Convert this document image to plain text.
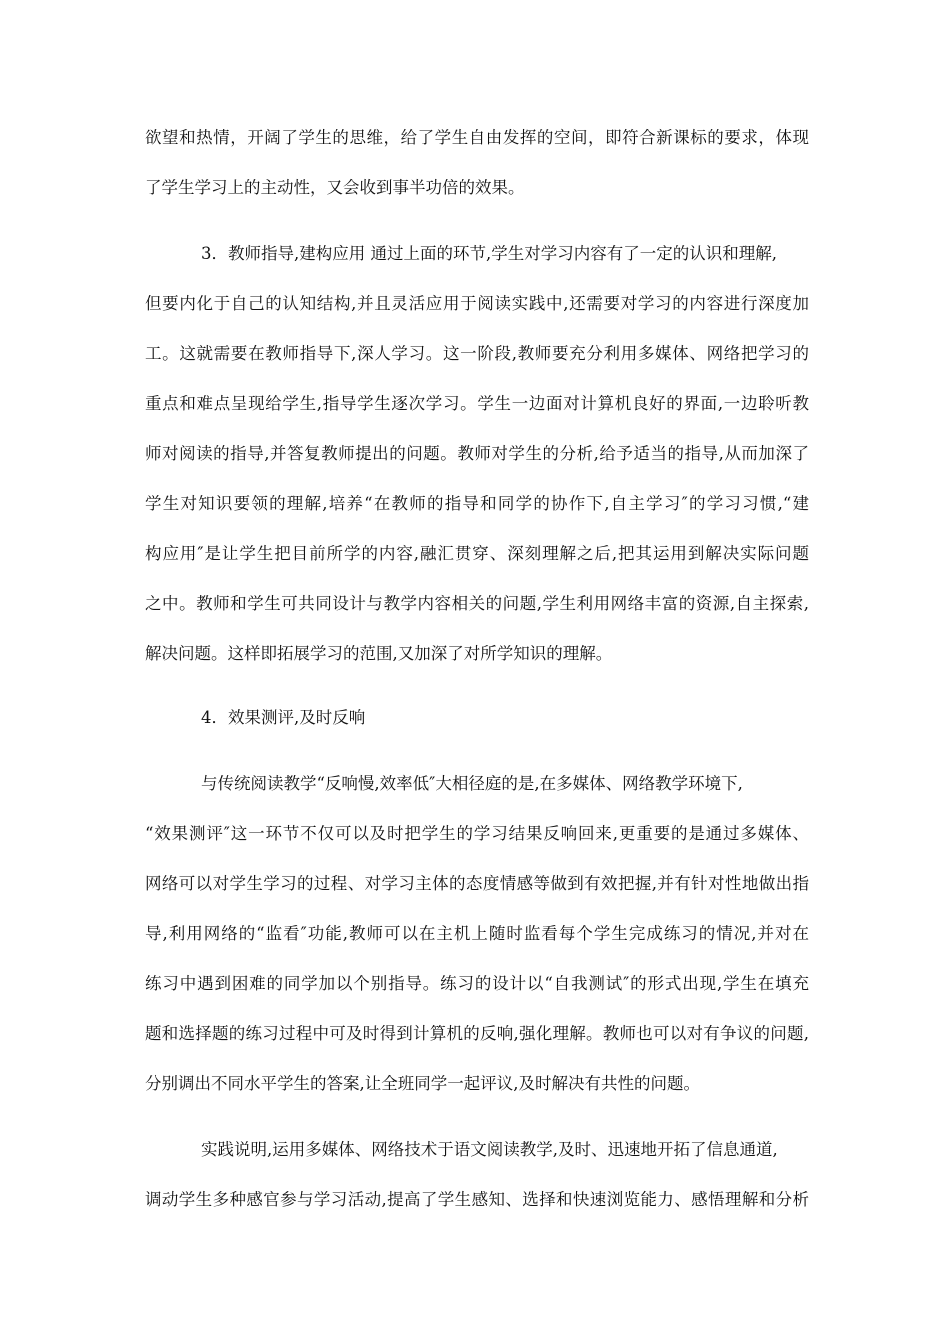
欲望和热情，开阔了学生的思维，给了学生自由发挥的空间，即符合新课标的要求，体现

了学生学习上的主动性，又会收到事半功倍的效果。

3．教师指导,建构应用 通过上面的环节,学生对学习内容有了一定的认识和理解,

但要内化于自己的认知结构,并且灵活应用于阅读实践中,还需要对学习的内容进行深度加

工。这就需要在教师指导下,深人学习。这一阶段,教师要充分利用多媒体、网络把学习的

重点和难点呈现给学生,指导学生逐次学习。学生一边面对计算机良好的界面,一边聆听教

师对阅读的指导,并答复教师提出的问题。教师对学生的分析,给予适当的指导,从而加深了

学生对知识要领的理解,培养“在教师的指导和同学的协作下,自主学习″的学习习惯,“建

构应用″是让学生把目前所学的内容,融汇贯穿、深刻理解之后,把其运用到解决实际问题

之中。教师和学生可共同设计与教学内容相关的问题,学生利用网络丰富的资源,自主探索,

解决问题。这样即拓展学习的范围,又加深了对所学知识的理解。

4．效果测评,及时反响

与传统阅读教学“反响慢,效率低″大相径庭的是,在多媒体、网络教学环境下,

“效果测评″这一环节不仅可以及时把学生的学习结果反响回来,更重要的是通过多媒体、

网络可以对学生学习的过程、对学习主体的态度情感等做到有效把握,并有针对性地做出指

导,利用网络的“监看″功能,教师可以在主机上随时监看每个学生完成练习的情况,并对在

练习中遇到困难的同学加以个别指导。练习的设计以“自我测试″的形式出现,学生在填充

题和选择题的练习过程中可及时得到计算机的反响,强化理解。教师也可以对有争议的问题,

分别调出不同水平学生的答案,让全班同学一起评议,及时解决有共性的问题。

实践说明,运用多媒体、网络技术于语文阅读教学,及时、迅速地开拓了信息通道,

调动学生多种感官参与学习活动,提高了学生感知、选择和快速浏览能力、感悟理解和分析
